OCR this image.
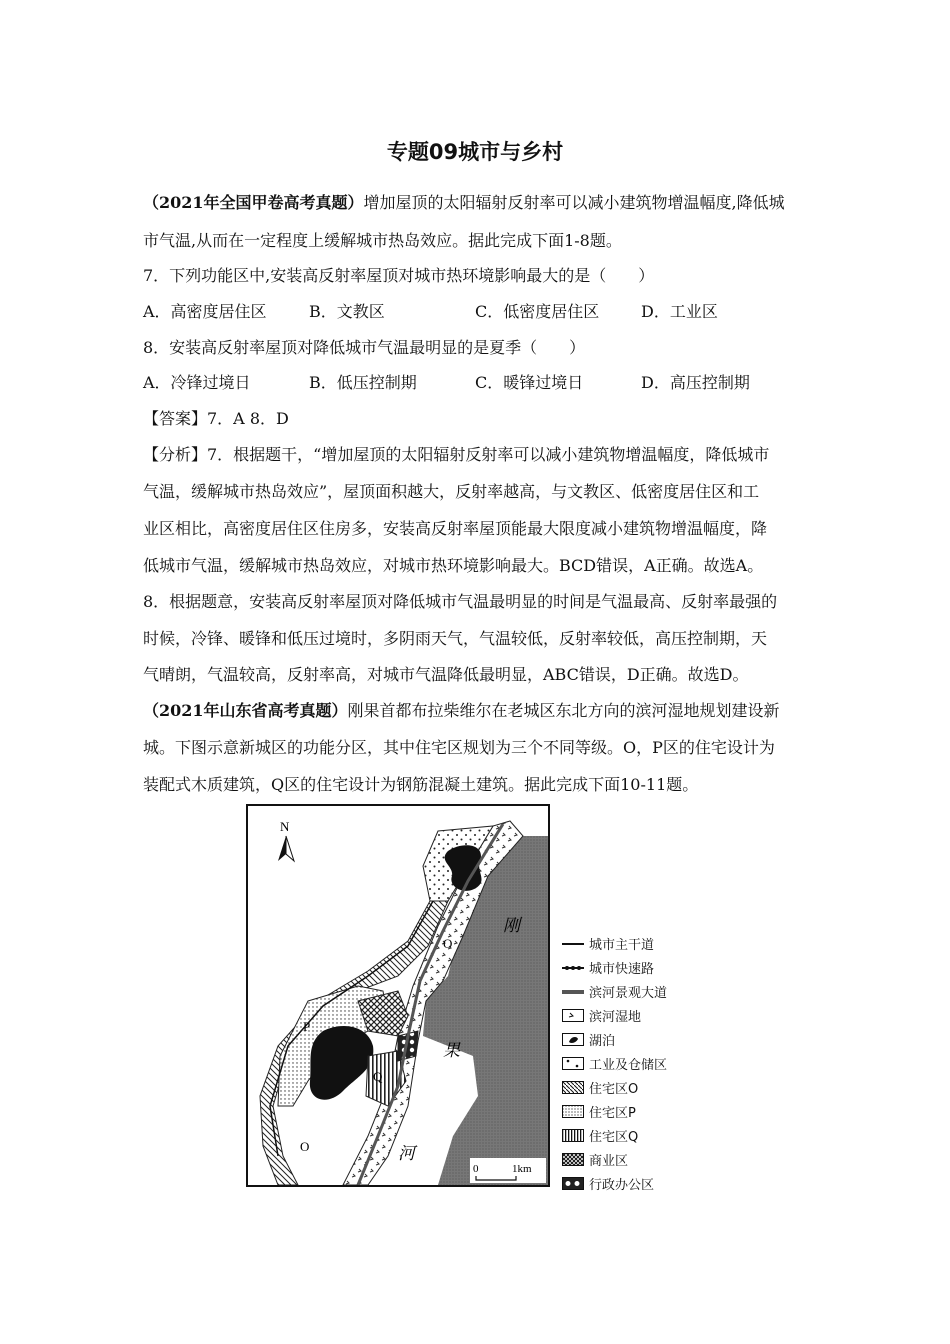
专题09城市与乡村
（2021年全国甲卷高考真题）增加屋顶的太阳辐射反射率可以减小建筑物增温幅度,降低城
市气温,从而在一定程度上缓解城市热岛效应。据此完成下面1-8题。
7．下列功能区中,安装高反射率屋顶对城市热环境影响最大的是（　　）
A．高密度居住区	B．文教区	C．低密度居住区	D．工业区
8．安装高反射率屋顶对降低城市气温最明显的是夏季（　　）
A．冷锋过境日	B．低压控制期	C．暖锋过境日	D．高压控制期
【答案】7．A 8．D
【分析】7．根据题干，“增加屋顶的太阳辐射反射率可以减小建筑物增温幅度，降低城市
气温，缓解城市热岛效应”，屋顶面积越大，反射率越高，与文教区、低密度居住区和工
业区相比，高密度居住区住房多，安装高反射率屋顶能最大限度减小建筑物增温幅度，降
低城市气温，缓解城市热岛效应，对城市热环境影响最大。BCD错误，A正确。故选A。
8．根据题意，安装高反射率屋顶对降低城市气温最明显的时间是气温最高、反射率最强的
时候，冷锋、暖锋和低压过境时，多阴雨天气，气温较低，反射率较低，高压控制期，天
气晴朗，气温较高，反射率高，对城市气温降低最明显，ABC错误，D正确。故选D。
（2021年山东省高考真题）刚果首都布拉柴维尔在老城区东北方向的滨河湿地规划建设新
城。下图示意新城区的功能分区，其中住宅区规划为三个不同等级。O，P区的住宅设计为
装配式木质建筑，Q区的住宅设计为钢筋混凝土建筑。据此完成下面10-11题。
N
O
P
Q
O
刚
果
河
0	1km
城市主干道
城市快速路
滨河景观大道
滨河湿地
湖泊
工业及仓储区
住宅区O
住宅区P
住宅区Q
商业区
行政办公区
